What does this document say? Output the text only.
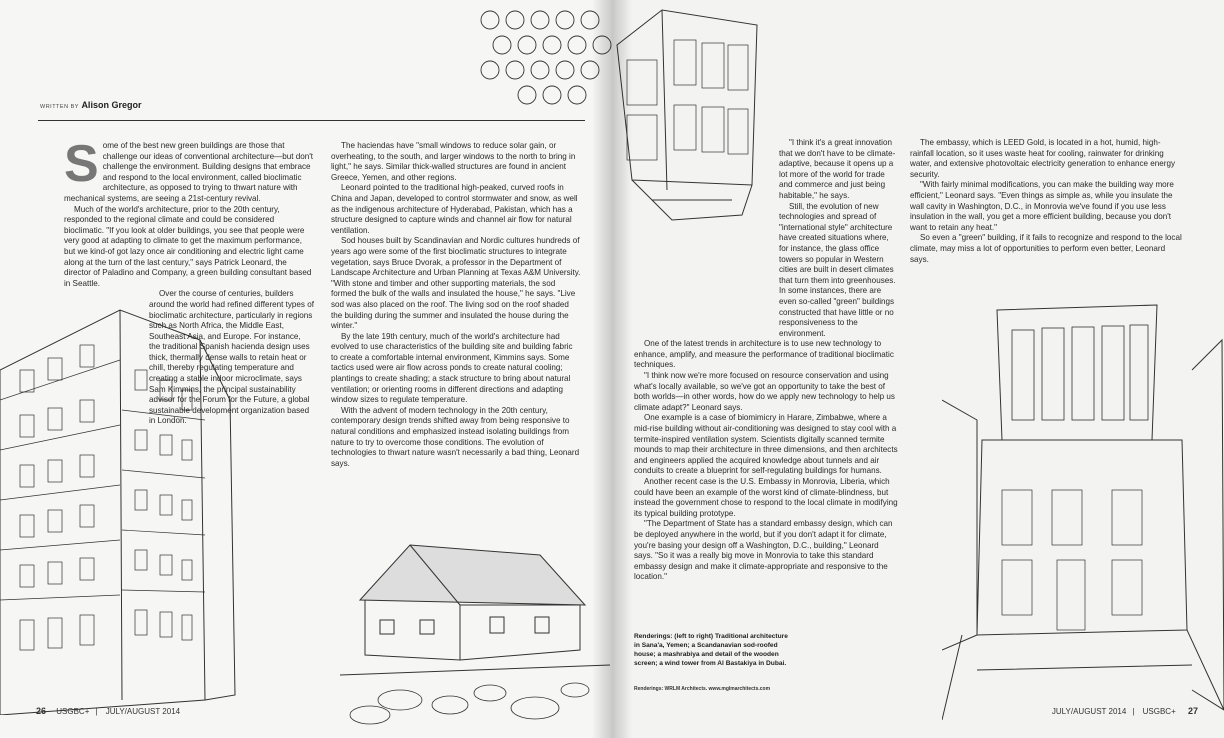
WRITTEN BY Alison Gregor

Some of the best new green buildings are those that challenge our ideas of conventional architecture—but don't challenge the environment. Building designs that embrace and respond to the local environment, called bioclimatic architecture, as opposed to trying to thwart nature with mechanical systems, are seeing a 21st-century revival.

Much of the world's architecture, prior to the 20th century, responded to the regional climate and could be considered bioclimatic. "If you look at older buildings, you see that people were very good at adapting to climate to get the maximum performance, but we kind-of got lazy once air conditioning and electric light came along at the turn of the last century," says Patrick Leonard, the director of Paladino and Company, a green building consultant based in Seattle.

Over the course of centuries, builders around the world had refined different types of bioclimatic architecture, particularly in regions such as North Africa, the Middle East, Southeast Asia, and Europe. For instance, the traditional Spanish hacienda design uses thick, thermally dense walls to retain heat or chill, thereby regulating temperature and creating a stable indoor microclimate, says Sam Kimmins, the principal sustainability advisor for the Forum for the Future, a global sustainable development organization based in London.

The haciendas have "small windows to reduce solar gain, or overheating, to the south, and larger windows to the north to bring in light," he says. Similar thick-walled structures are found in ancient Greece, Yemen, and other regions.

Leonard pointed to the traditional high-peaked, curved roofs in China and Japan, developed to control stormwater and snow, as well as the indigenous architecture of Hyderabad, Pakistan, which has a structure designed to capture winds and channel air flow for natural ventilation.

Sod houses built by Scandinavian and Nordic cultures hundreds of years ago were some of the first bioclimatic structures to integrate vegetation, says Bruce Dvorak, a professor in the Department of Landscape Architecture and Urban Planning at Texas A&M University. "With stone and timber and other supporting materials, the sod formed the bulk of the walls and insulated the house," he says. "Live sod was also placed on the roof. The living sod on the roof shaded the building during the summer and insulated the house during the winter."

By the late 19th century, much of the world's architecture had evolved to use characteristics of the building site and building fabric to create a comfortable internal environment, Kimmins says. Some tactics used were air flow across ponds to create natural cooling; plantings to create shading; a stack structure to bring about natural ventilation; or orienting rooms in different directions and adapting window sizes to regulate temperature.

With the advent of modern technology in the 20th century, contemporary design trends shifted away from being responsive to natural conditions and emphasized instead isolating buildings from nature to try to overcome those conditions. The evolution of technologies to thwart nature wasn't necessarily a bad thing, Leonard says.

26 USGBC+ | JULY/AUGUST 2014

"I think it's a great innovation that we don't have to be climate-adaptive, because it opens up a lot more of the world for trade and commerce and just being habitable," he says.

Still, the evolution of new technologies and spread of "international style" architecture have created situations where, for instance, the glass office towers so popular in Western cities are built in desert climates that turn them into greenhouses. In some instances, there are even so-called "green" buildings constructed that have little or no responsiveness to the environment.

One of the latest trends in architecture is to use new technology to enhance, amplify, and measure the performance of traditional bioclimatic techniques.

"I think now we're more focused on resource conservation and using what's locally available, so we've got an opportunity to take the best of both worlds—in other words, how do we apply new technology to help us climate adapt?" Leonard says.

One example is a case of biomimicry in Harare, Zimbabwe, where a mid-rise building without air-conditioning was designed to stay cool with a termite-inspired ventilation system. Scientists digitally scanned termite mounds to map their architecture in three dimensions, and then architects and engineers applied the acquired knowledge about tunnels and air conduits to create a blueprint for self-regulating buildings for humans.

Another recent case is the U.S. Embassy in Monrovia, Liberia, which could have been an example of the worst kind of climate-blindness, but instead the government chose to respond to the local climate in modifying its typical building prototype.

"The Department of State has a standard embassy design, which can be deployed anywhere in the world, but if you don't adapt it for climate, you're basing your design off a Washington, D.C., building," Leonard says. "So it was a really big move in Monrovia to take this standard embassy design and make it climate-appropriate and responsive to the location."

The embassy, which is LEED Gold, is located in a hot, humid, high-rainfall location, so it uses waste heat for cooling, rainwater for drinking water, and extensive photovoltaic electricity generation to enhance energy security.

"With fairly minimal modifications, you can make the building way more efficient," Leonard says. "Even things as simple as, while you insulate the wall cavity in Washington, D.C., in Monrovia we've found if you use less insulation in the wall, you get a more efficient building, because you don't want to retain any heat."

So even a "green" building, if it fails to recognize and respond to the local climate, may miss a lot of opportunities to perform even better, Leonard says.

JULY/AUGUST 2014 | USGBC+ 27
Renderings: (left to right) Traditional architecture in Sana'a, Yemen; a Scandanavian sod-roofed house; a mashrabiya and detail of the wooden screen; a wind tower from Al Bastakiya in Dubai.
Renderings: WRLM Architects. www.mglmarchitects.com
